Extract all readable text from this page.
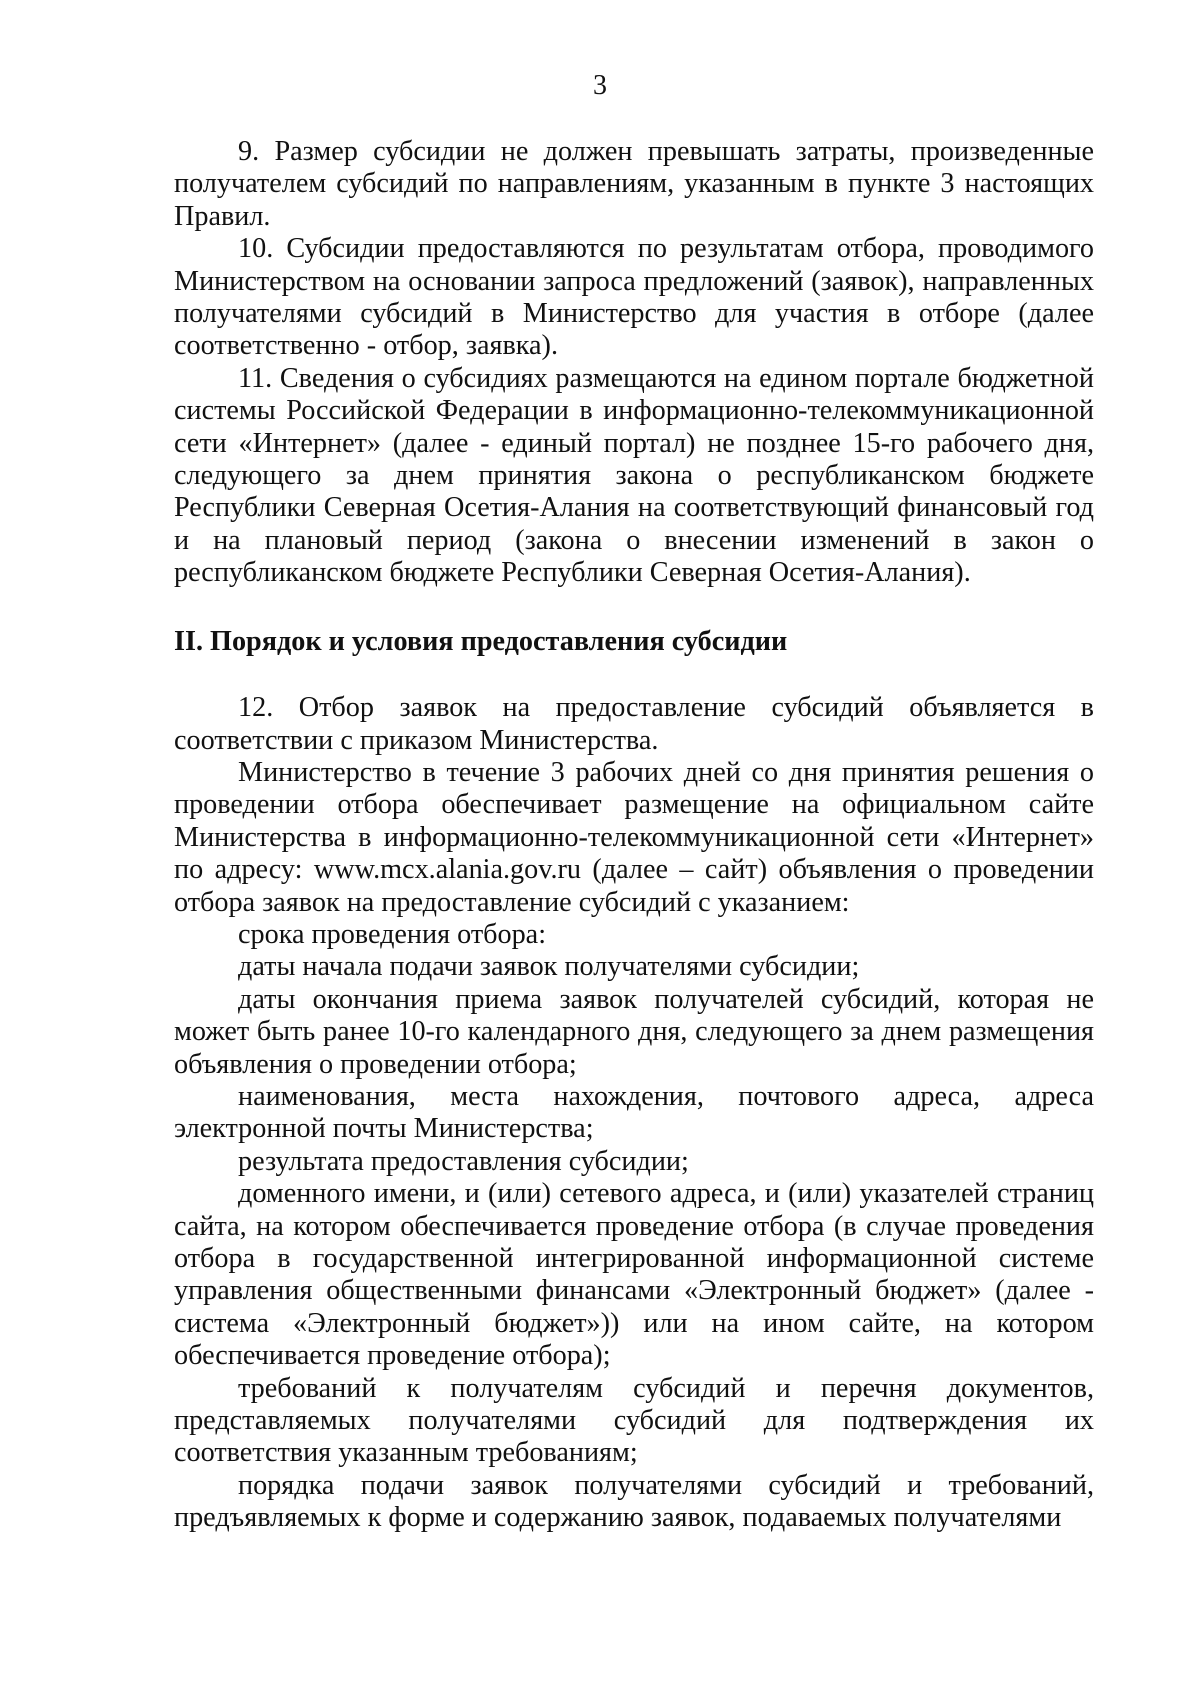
3

9. Размер субсидии не должен превышать затраты, произведенные получателем субсидий по направлениям, указанным в пункте 3 настоящих Правил.

10. Субсидии предоставляются по результатам отбора, проводимого Министерством на основании запроса предложений (заявок), направленных получателями субсидий в Министерство для участия в отборе (далее соответственно - отбор, заявка).

11. Сведения о субсидиях размещаются на едином портале бюджетной системы Российской Федерации в информационно-телекоммуникационной сети «Интернет» (далее - единый портал) не позднее 15-го рабочего дня, следующего за днем принятия закона о республиканском бюджете Республики Северная Осетия-Алания на соответствующий финансовый год и на плановый период (закона о внесении изменений в закон о республиканском бюджете Республики Северная Осетия-Алания).

II. Порядок и условия предоставления субсидии

12. Отбор заявок на предоставление субсидий объявляется в соответствии с приказом Министерства.

Министерство в течение 3 рабочих дней со дня принятия решения о проведении отбора обеспечивает размещение на официальном сайте Министерства в информационно-телекоммуникационной сети «Интернет» по адресу: www.mcx.alania.gov.ru (далее – сайт) объявления о проведении отбора заявок на предоставление субсидий с указанием:

срока проведения отбора:

даты начала подачи заявок получателями субсидии;

даты окончания приема заявок получателей субсидий, которая не может быть ранее 10-го календарного дня, следующего за днем размещения объявления о проведении отбора;

наименования, места нахождения, почтового адреса, адреса электронной почты Министерства;

результата предоставления субсидии;

доменного имени, и (или) сетевого адреса, и (или) указателей страниц сайта, на котором обеспечивается проведение отбора (в случае проведения отбора в государственной интегрированной информационной системе управления общественными финансами «Электронный бюджет» (далее - система «Электронный бюджет»)) или на ином сайте, на котором обеспечивается проведение отбора);

требований к получателям субсидий и перечня документов, представляемых получателями субсидий для подтверждения их соответствия указанным требованиям;

порядка подачи заявок получателями субсидий и требований, предъявляемых к форме и содержанию заявок, подаваемых получателями
